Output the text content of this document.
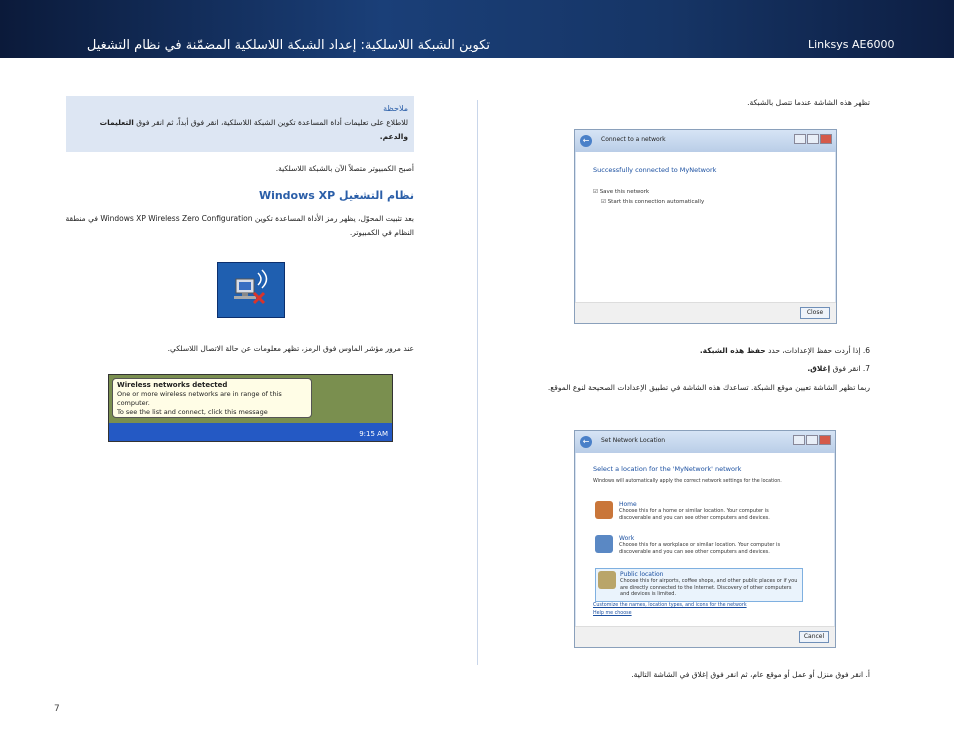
Linksys AE6000
تكوين الشبكة اللاسلكية: إعداد الشبكة اللاسلكية المضمّنة في نظام التشغيل
ملاحظة
للاطلاع على تعليمات أداة المساعدة تكوين الشبكة اللاسلكية، انقر فوق أبداً، ثم انقر فوق التعليمات والدعم.
أصبح الكمبيوتر متصلاً الآن بالشبكة اللاسلكية.
نظام التشغيل Windows XP
بعد تثبيت المحوّل، يظهر رمز الأداة المساعدة تكوين Windows XP Wireless Zero Configuration في منطقة النظام في الكمبيوتر.
عند مرور مؤشر الماوس فوق الرمز، تظهر معلومات عن حالة الاتصال اللاسلكي.
Wireless networks detected
One or more wireless networks are in range of this computer.
To see the list and connect, click this message
9:15 AM
تظهر هذه الشاشة عندما تتصل بالشبكة.
←	Connect to a network
Successfully connected to MyNetwork
☑ Save this network
☑ Start this connection automatically
Close
6. إذا أردت حفظ الإعدادات، حدد حفظ هذه الشبكة.
7. انقر فوق إغلاق.
ربما تظهر الشاشة تعيين موقع الشبكة. تساعدك هذه الشاشة في تطبيق الإعدادات الصحيحة لنوع الموقع.
←	Set Network Location
Select a location for the 'MyNetwork' network
Windows will automatically apply the correct network settings for the location.
Home
Choose this for a home or similar location. Your computer is discoverable and you can see other computers and devices.
Work
Choose this for a workplace or similar location. Your computer is discoverable and you can see other computers and devices.
Public location
Choose this for airports, coffee shops, and other public places or if you are directly connected to the Internet. Discovery of other computers and devices is limited.
Customize the names, location types, and icons for the network
Help me choose
Cancel
أ. انقر فوق منزل أو عمل أو موقع عام، ثم انقر فوق إغلاق في الشاشة التالية.
7
